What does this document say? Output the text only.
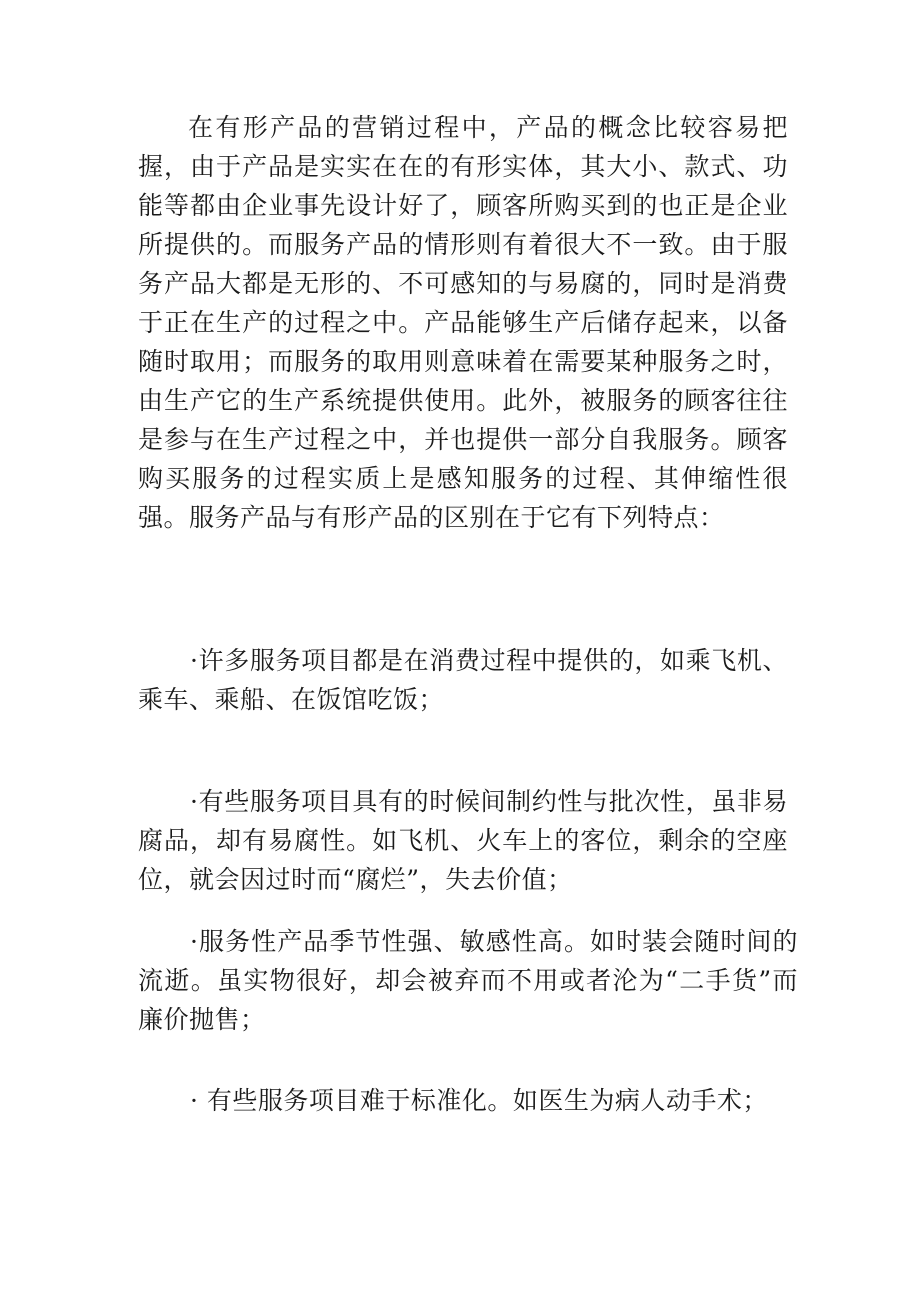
在有形产品的营销过程中，产品的概念比较容易把握，由于产品是实实在在的有形实体，其大小、款式、功能等都由企业事先设计好了，顾客所购买到的也正是企业所提供的。而服务产品的情形则有着很大不一致。由于服务产品大都是无形的、不可感知的与易腐的，同时是消费于正在生产的过程之中。产品能够生产后储存起来，以备随时取用；而服务的取用则意味着在需要某种服务之时，由生产它的生产系统提供使用。此外，被服务的顾客往往是参与在生产过程之中，并也提供一部分自我服务。顾客购买服务的过程实质上是感知服务的过程、其伸缩性很强。服务产品与有形产品的区别在于它有下列特点：

·许多服务项目都是在消费过程中提供的，如乘飞机、乘车、乘船、在饭馆吃饭；

·有些服务项目具有的时候间制约性与批次性，虽非易腐品，却有易腐性。如飞机、火车上的客位，剩余的空座位，就会因过时而“腐烂”，失去价值；

·服务性产品季节性强、敏感性高。如时装会随时间的流逝。虽实物很好，却会被弃而不用或者沦为“二手货”而廉价抛售；

· 有些服务项目难于标准化。如医生为病人动手术；
